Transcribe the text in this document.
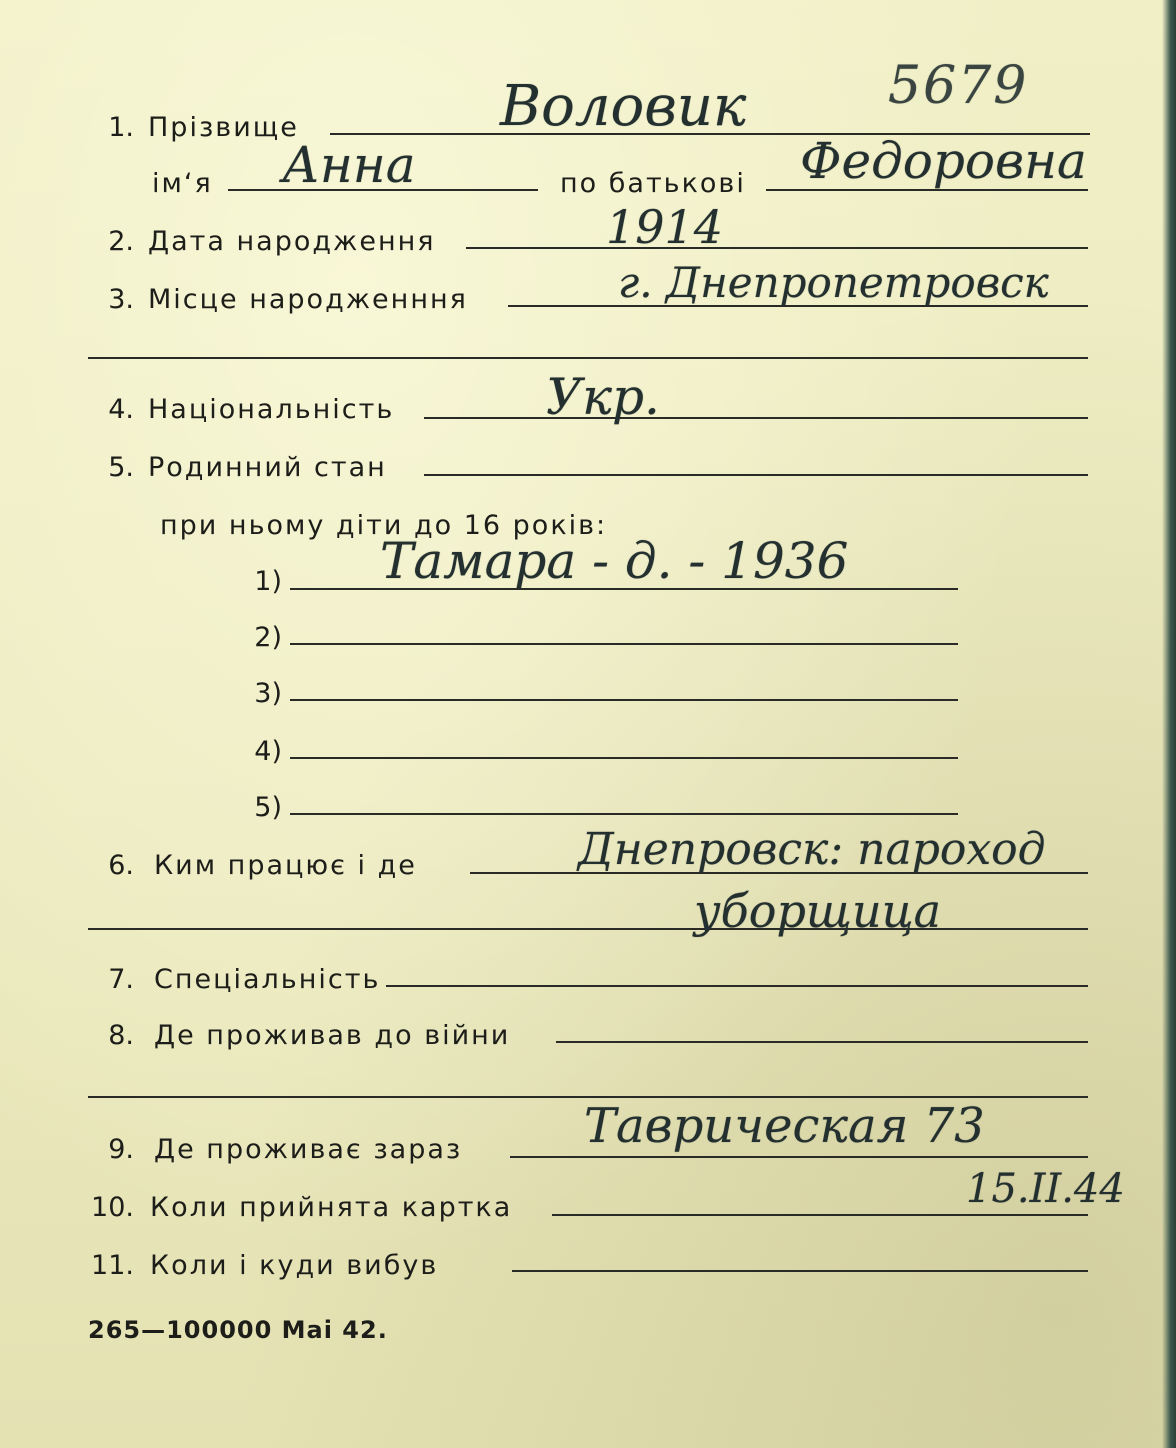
5679
1. Прізвище	Воловик
ім‘я Анна	по батькові Федоровна
2. Дата народження	1914
3. Місце народженння	г. Днепропетровск
4. Національність	Укр.
5. Родинний стан
при ньому діти до 16 років:
1) Тамара - д. - 1936
2)
3)
4)
5)
6. Ким працює і де	Днепровск: пароход
уборщица
7. Спеціальність
8. Де проживав до війни
9. Де проживає зараз	Таврическая 73
10. Коли прийнята картка	15.II.44
11. Коли і куди вибув
265—100000 Mai 42.
